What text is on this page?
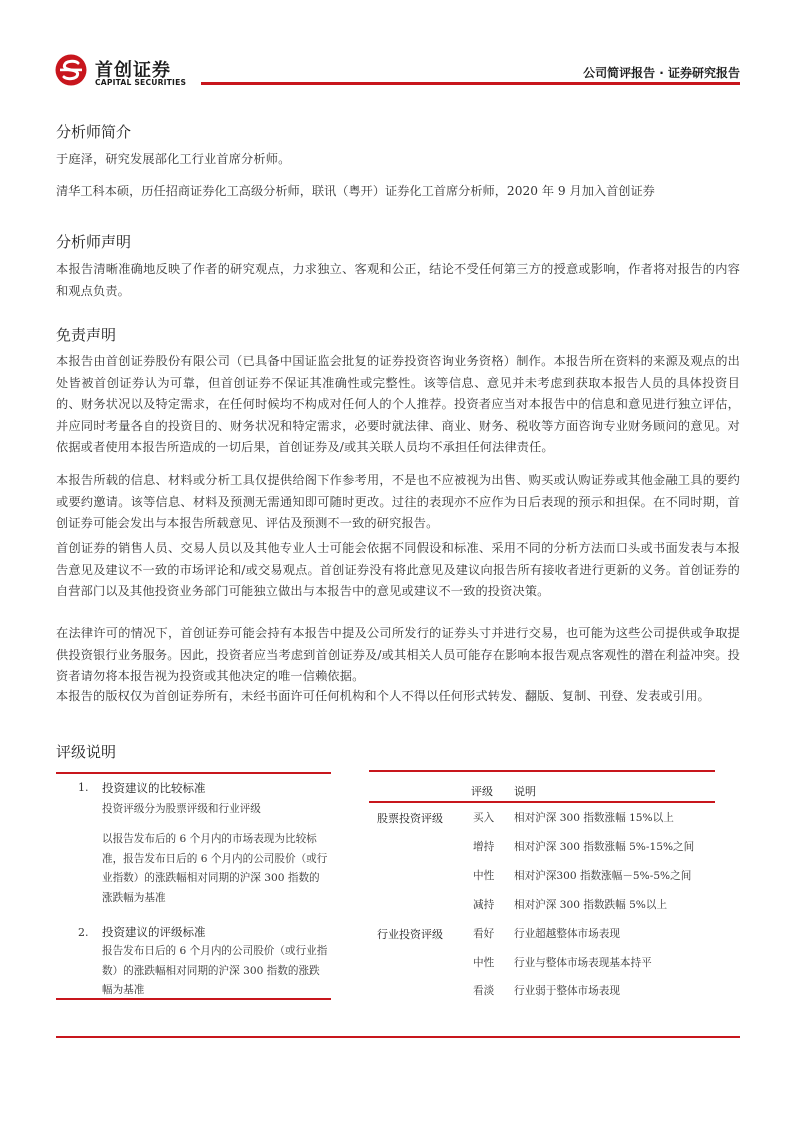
首创证券
CAPITAL SECURITIES
公司简评报告 · 证券研究报告
分析师简介
于庭泽，研究发展部化工行业首席分析师。
清华工科本硕，历任招商证券化工高级分析师，联讯（粤开）证券化工首席分析师，2020 年 9 月加入首创证券
分析师声明
本报告清晰准确地反映了作者的研究观点，力求独立、客观和公正，结论不受任何第三方的授意或影响，作者将对报告的内容和观点负责。
免责声明
本报告由首创证券股份有限公司（已具备中国证监会批复的证券投资咨询业务资格）制作。本报告所在资料的来源及观点的出处皆被首创证券认为可靠，但首创证券不保证其准确性或完整性。该等信息、意见并未考虑到获取本报告人员的具体投资目的、财务状况以及特定需求，在任何时候均不构成对任何人的个人推荐。投资者应当对本报告中的信息和意见进行独立评估，并应同时考量各自的投资目的、财务状况和特定需求，必要时就法律、商业、财务、税收等方面咨询专业财务顾问的意见。对依据或者使用本报告所造成的一切后果，首创证券及/或其关联人员均不承担任何法律责任。
本报告所载的信息、材料或分析工具仅提供给阁下作参考用，不是也不应被视为出售、购买或认购证券或其他金融工具的要约或要约邀请。该等信息、材料及预测无需通知即可随时更改。过往的表现亦不应作为日后表现的预示和担保。在不同时期，首创证券可能会发出与本报告所载意见、评估及预测不一致的研究报告。
首创证券的销售人员、交易人员以及其他专业人士可能会依据不同假设和标准、采用不同的分析方法而口头或书面发表与本报告意见及建议不一致的市场评论和/或交易观点。首创证券没有将此意见及建议向报告所有接收者进行更新的义务。首创证券的自营部门以及其他投资业务部门可能独立做出与本报告中的意见或建议不一致的投资决策。
在法律许可的情况下，首创证券可能会持有本报告中提及公司所发行的证券头寸并进行交易，也可能为这些公司提供或争取提供投资银行业务服务。因此，投资者应当考虑到首创证券及/或其相关人员可能存在影响本报告观点客观性的潜在利益冲突。投资者请勿将本报告视为投资或其他决定的唯一信赖依据。
本报告的版权仅为首创证券所有，未经书面许可任何机构和个人不得以任何形式转发、翻版、复制、刊登、发表或引用。
评级说明
1. 投资建议的比较标准
投资评级分为股票评级和行业评级
以报告发布后的 6 个月内的市场表现为比较标准，报告发布日后的 6 个月内的公司股价（或行业指数）的涨跌幅相对同期的沪深 300 指数的涨跌幅为基准
2. 投资建议的评级标准
报告发布日后的 6 个月内的公司股价（或行业指数）的涨跌幅相对同期的沪深 300 指数的涨跌幅为基准
评级 说明
股票投资评级	买入 相对沪深 300 指数涨幅 15%以上
增持 相对沪深 300 指数涨幅 5%-15%之间
中性 相对沪深300 指数涨幅－5%-5%之间
减持 相对沪深 300 指数跌幅 5%以上
行业投资评级	看好 行业超越整体市场表现
中性 行业与整体市场表现基本持平
看淡 行业弱于整体市场表现
